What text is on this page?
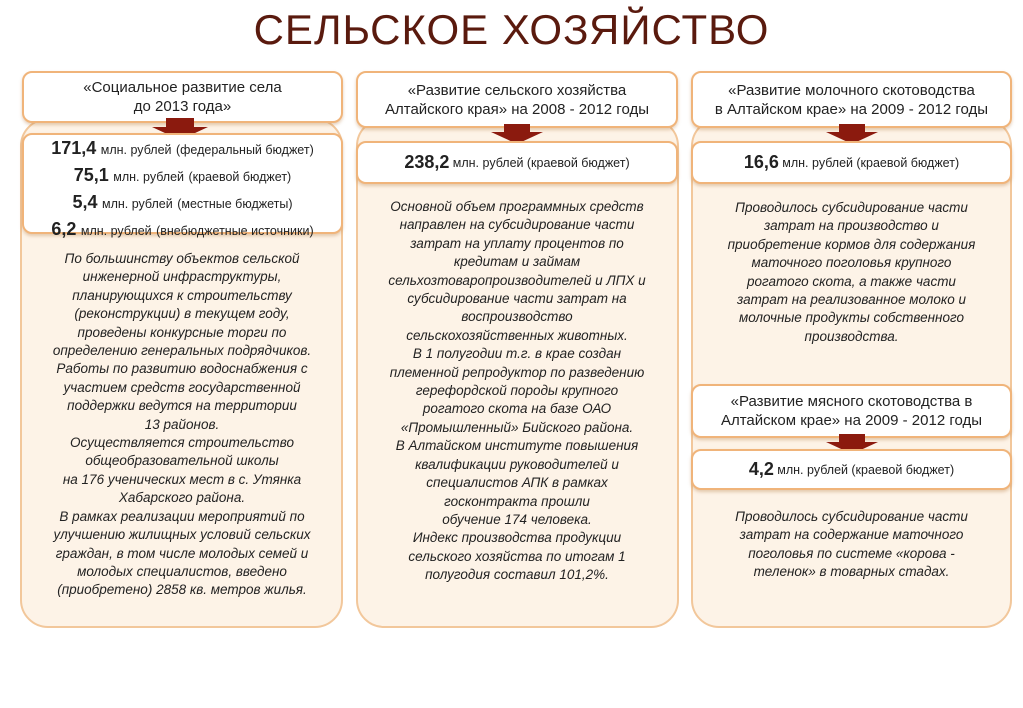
СЕЛЬСКОЕ ХОЗЯЙСТВО
«Социальное развитие села
до 2013 года»
171,4 млн. рублей (федеральный бюджет)
75,1 млн. рублей (краевой бюджет)
5,4 млн. рублей (местные бюджеты)
6,2 млн. рублей (внебюджетные источники)
По большинству объектов сельской
инженерной инфраструктуры,
планирующихся к строительству
(реконструкции) в текущем году,
проведены конкурсные торги по
определению генеральных подрядчиков.
Работы по развитию водоснабжения с
участием средств государственной
поддержки ведутся на территории
13 районов.
Осуществляется строительство
общеобразовательной школы
на 176 ученических мест в с. Утянка
Хабарского района.
В рамках реализации мероприятий по
улучшению жилищных условий сельских
граждан, в том числе молодых семей и
молодых специалистов, введено
(приобретено) 2858 кв. метров жилья.
«Развитие сельского хозяйства
Алтайского края» на 2008 - 2012 годы
238,2
млн. рублей
(краевой бюджет)
Основной объем программных средств
направлен на субсидирование части
затрат на уплату процентов по
кредитам и займам
сельхозтоваропроизводителей и ЛПХ и
субсидирование части затрат на
воспроизводство
сельскохозяйственных животных.
В 1 полугодии т.г. в крае создан
племенной репродуктор по разведению
герефордской породы крупного
рогатого скота на базе ОАО
«Промышленный» Бийского района.
В Алтайском институте повышения
квалификации руководителей и
специалистов АПК в рамках
госконтракта прошли
обучение 174 человека.
Индекс производства продукции
сельского хозяйства по итогам 1
полугодия составил 101,2%.
«Развитие молочного скотоводства
в Алтайском крае» на 2009 - 2012 годы
16,6
млн. рублей
(краевой бюджет)
Проводилось субсидирование части
затрат на производство и
приобретение кормов для содержания
маточного поголовья крупного
рогатого скота, а также части
затрат на реализованное молоко и
молочные продукты собственного
производства.
«Развитие мясного скотоводства в
Алтайском крае» на 2009 - 2012 годы
4,2
млн. рублей
(краевой бюджет)
Проводилось субсидирование части
затрат на содержание маточного
поголовья по системе «корова -
теленок» в товарных стадах.
